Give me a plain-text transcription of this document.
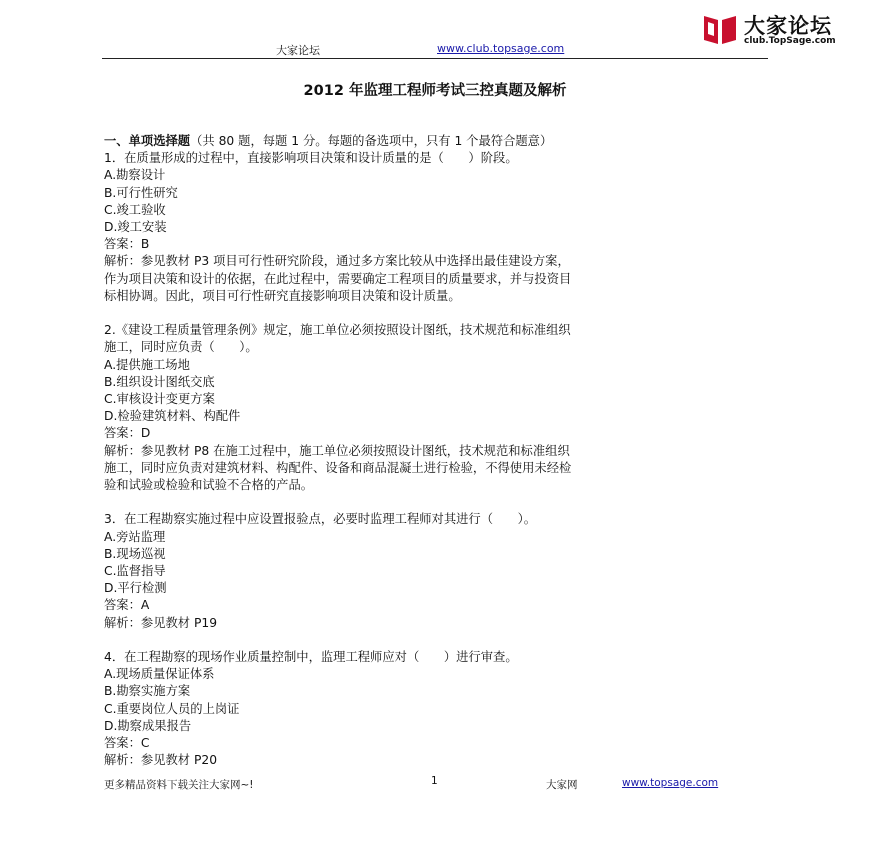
大家论坛
club.TopSage.com
大家论坛	www.club.topsage.com
2012 年监理工程师考试三控真题及解析

一、单项选择题（共 80 题，每题 1 分。每题的备选项中，只有 1 个最符合题意）

1．在质量形成的过程中，直接影响项目决策和设计质量的是（　　）阶段。

A.勘察设计

B.可行性研究

C.竣工验收

D.竣工安装

答案：B

解析：参见教材 P3 项目可行性研究阶段，通过多方案比较从中选择出最佳建设方案，

作为项目决策和设计的依据，在此过程中，需要确定工程项目的质量要求，并与投资目

标相协调。因此，项目可行性研究直接影响项目决策和设计质量。

2.《建设工程质量管理条例》规定，施工单位必须按照设计图纸，技术规范和标准组织

施工，同时应负责（　　）。

A.提供施工场地

B.组织设计图纸交底

C.审核设计变更方案

D.检验建筑材料、构配件

答案：D

解析：参见教材 P8 在施工过程中，施工单位必须按照设计图纸，技术规范和标准组织

施工，同时应负责对建筑材料、构配件、设备和商品混凝土进行检验，不得使用未经检

验和试验或检验和试验不合格的产品。

3．在工程勘察实施过程中应设置报验点，必要时监理工程师对其进行（　　）。

A.旁站监理

B.现场巡视

C.监督指导

D.平行检测

答案：A

解析：参见教材 P19

4．在工程勘察的现场作业质量控制中，监理工程师应对（　　）进行审查。

A.现场质量保证体系

B.勘察实施方案

C.重要岗位人员的上岗证

D.勘察成果报告

答案：C

解析：参见教材 P20

更多精品资料下载关注大家网~!	1	大家网	www.topsage.com
